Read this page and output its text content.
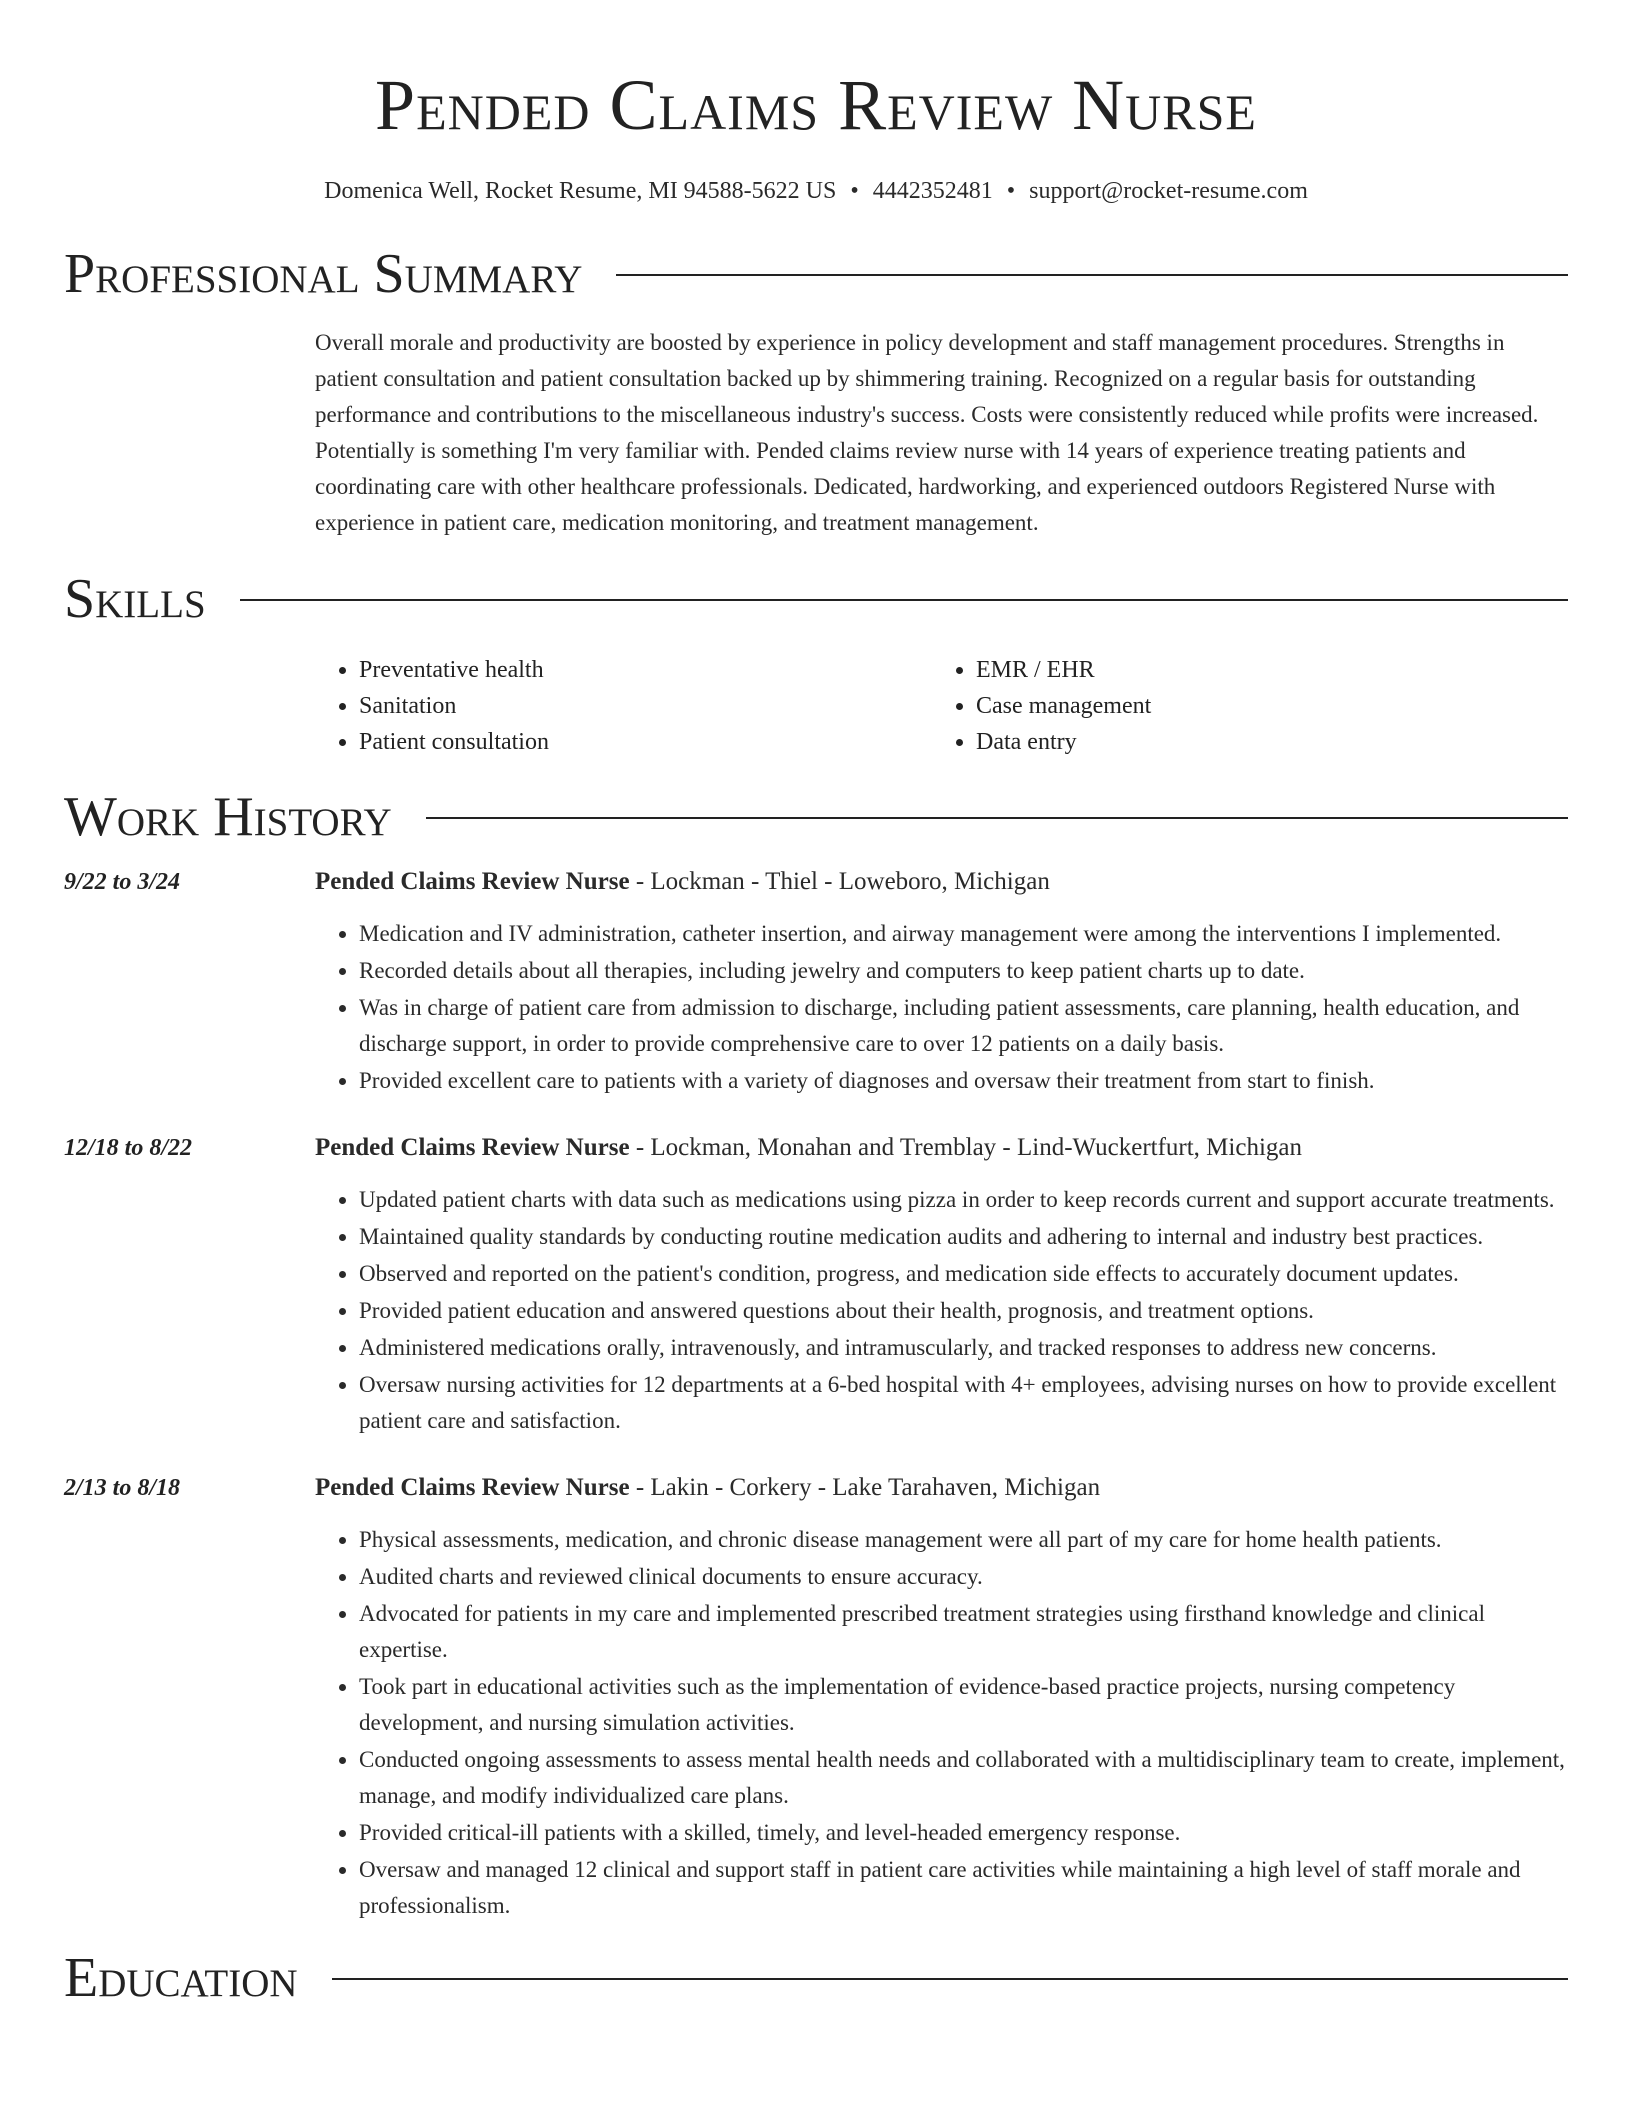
Pended Claims Review Nurse
Domenica Well, Rocket Resume, MI 94588-5622 US • 4442352481 • support@rocket-resume.com
Professional Summary

Overall morale and productivity are boosted by experience in policy development and staff management procedures. Strengths in patient consultation and patient consultation backed up by shimmering training. Recognized on a regular basis for outstanding performance and contributions to the miscellaneous industry's success. Costs were consistently reduced while profits were increased. Potentially is something I'm very familiar with. Pended claims review nurse with 14 years of experience treating patients and coordinating care with other healthcare professionals. Dedicated, hardworking, and experienced outdoors Registered Nurse with experience in patient care, medication monitoring, and treatment management.

Skills
• Preventative health
• Sanitation
• Patient consultation
• EMR / EHR
• Case management
• Data entry
Work History
9/22 to 3/24	Pended Claims Review Nurse - Lockman - Thiel - Loweboro, Michigan
• Medication and IV administration, catheter insertion, and airway management were among the interventions I implemented.
• Recorded details about all therapies, including jewelry and computers to keep patient charts up to date.
• Was in charge of patient care from admission to discharge, including patient assessments, care planning, health education, and discharge support, in order to provide comprehensive care to over 12 patients on a daily basis.
• Provided excellent care to patients with a variety of diagnoses and oversaw their treatment from start to finish.
12/18 to 8/22	Pended Claims Review Nurse - Lockman, Monahan and Tremblay - Lind-Wuckertfurt, Michigan
• Updated patient charts with data such as medications using pizza in order to keep records current and support accurate treatments.
• Maintained quality standards by conducting routine medication audits and adhering to internal and industry best practices.
• Observed and reported on the patient's condition, progress, and medication side effects to accurately document updates.
• Provided patient education and answered questions about their health, prognosis, and treatment options.
• Administered medications orally, intravenously, and intramuscularly, and tracked responses to address new concerns.
• Oversaw nursing activities for 12 departments at a 6-bed hospital with 4+ employees, advising nurses on how to provide excellent patient care and satisfaction.
2/13 to 8/18	Pended Claims Review Nurse - Lakin - Corkery - Lake Tarahaven, Michigan
• Physical assessments, medication, and chronic disease management were all part of my care for home health patients.
• Audited charts and reviewed clinical documents to ensure accuracy.
• Advocated for patients in my care and implemented prescribed treatment strategies using firsthand knowledge and clinical expertise.
• Took part in educational activities such as the implementation of evidence-based practice projects, nursing competency development, and nursing simulation activities.
• Conducted ongoing assessments to assess mental health needs and collaborated with a multidisciplinary team to create, implement, manage, and modify individualized care plans.
• Provided critical-ill patients with a skilled, timely, and level-headed emergency response.
• Oversaw and managed 12 clinical and support staff in patient care activities while maintaining a high level of staff morale and professionalism.
Education
